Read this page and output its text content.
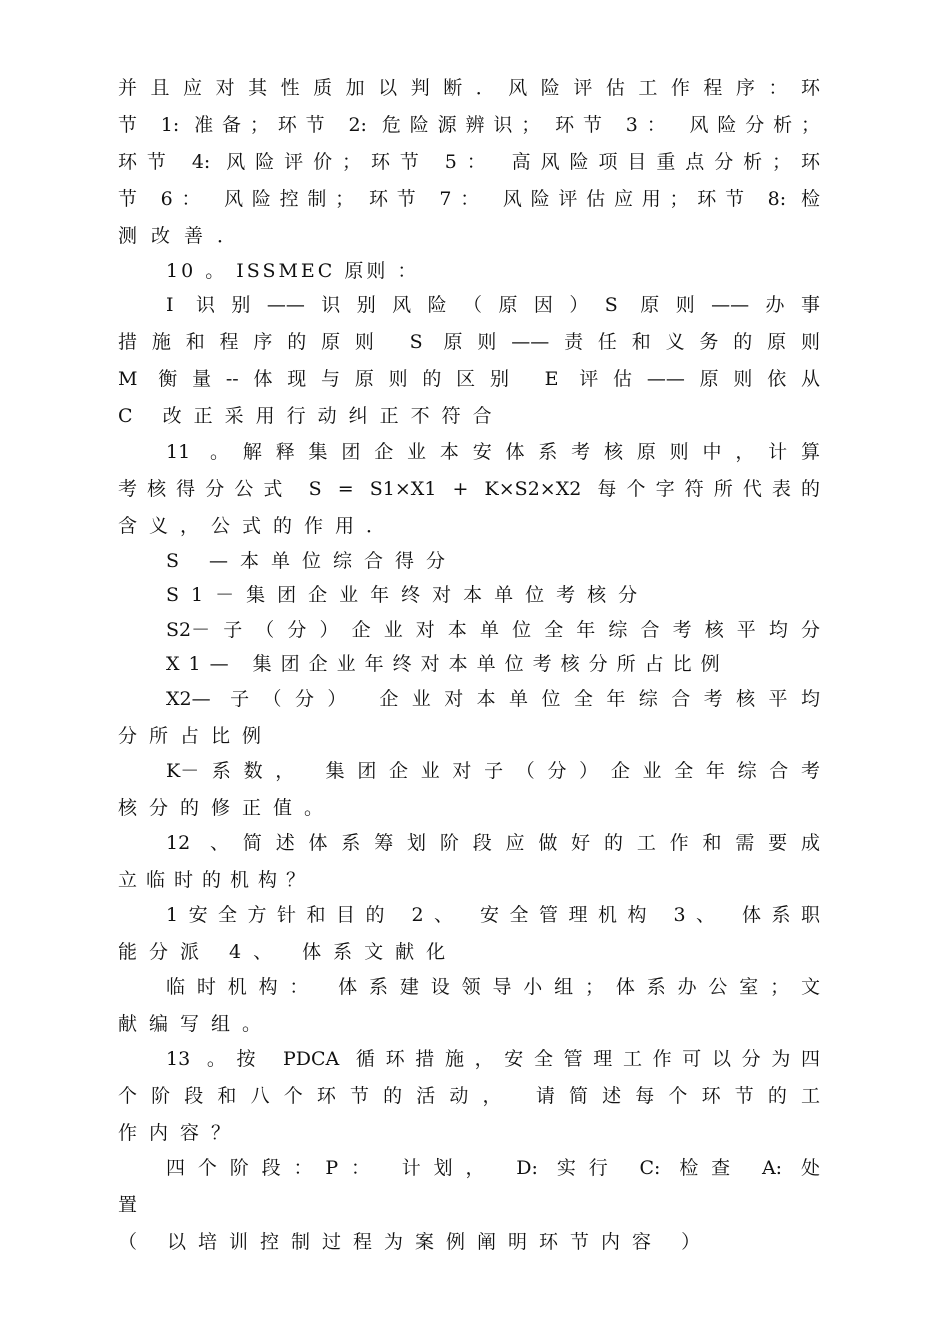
并且应对其性质加以判断．风险评估工作程序：环
节 1: 准备；环节 2: 危险源辨识； 环节 3： 风险分析；
环节 4: 风险评价；环节 5： 高风险项目重点分析；环
节 6： 风险控制； 环节 7： 风险评估应用；环节 8: 检
测改善．
10 。 ISSMEC 原则 ：
I 识别——识别风险（原因）S 原则——办事
措施和程序的原则 S 原则——责任和义务的原则
M 衡量--体现与原则的区别 E 评估——原则依从
C 改正采用行动纠正不符合
11 。解释集团企业本安体系考核原则中，计算
考核得分公式 S = S1×X1 + K×S2×X2 每个字符所代表的
含义，公式的作用．
S —本单位综合得分
S1－集团企业年终对本单位考核分
S2－子（分）企业对本单位全年综合考核平均分
X1— 集团企业年终对本单位考核分所占比例
X2— 子（分） 企业对本单位全年综合考核平均
分所占比例
K－系数， 集团企业对子（分）企业全年综合考
核分的修正值。
12 、简述体系筹划阶段应做好的工作和需要成
立临时的机构？
1安全方针和目的 2、 安全管理机构 3、 体系职
能分派 4、 体系文献化
临时机构： 体系建设领导小组；体系办公室；文
献编写组。
13 。按 PDCA 循环措施，安全管理工作可以分为四
个阶段和八个环节的活动， 请简述每个环节的工
作内容？
四个阶段：P： 计划， D: 实行 C: 检查 A: 处
置
（ 以培训控制过程为案例阐明环节内容 ）
